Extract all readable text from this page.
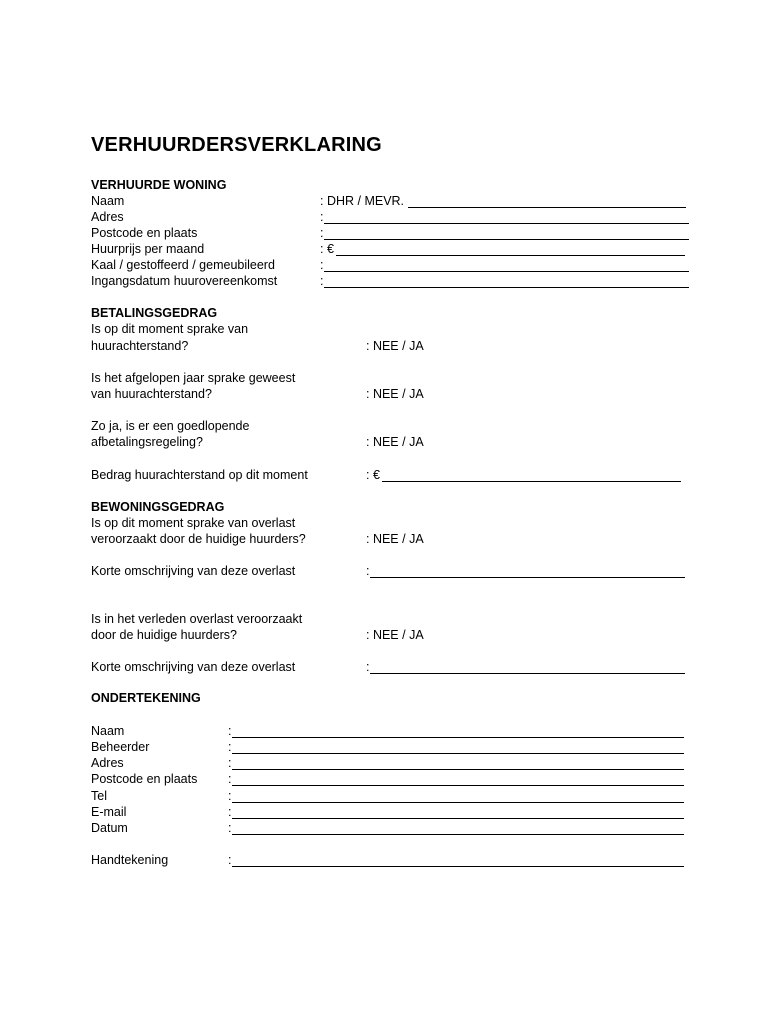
VERHUURDERSVERKLARING
VERHUURDE WONING
Naam	: DHR / MEVR.
Adres	:
Postcode en plaats	:
Huurprijs per maand	: €
Kaal / gestoffeerd / gemeubileerd	:
Ingangsdatum huurovereenkomst	:
BETALINGSGEDRAG
Is op dit moment sprake van
huurachterstand?	: NEE / JA
Is het afgelopen jaar sprake geweest
van huurachterstand?	: NEE / JA
Zo ja, is er een goedlopende
afbetalingsregeling?	: NEE / JA
Bedrag huurachterstand op dit moment	: €
BEWONINGSGEDRAG
Is op dit moment sprake van overlast
veroorzaakt door de huidige huurders?	: NEE / JA
Korte omschrijving van deze overlast	:
Is in het verleden overlast veroorzaakt
door de huidige huurders?	: NEE / JA
Korte omschrijving van deze overlast	:
ONDERTEKENING
Naam	:
Beheerder	:
Adres	:
Postcode en plaats :
Tel	:
E-mail	:
Datum	:
Handtekening	:
